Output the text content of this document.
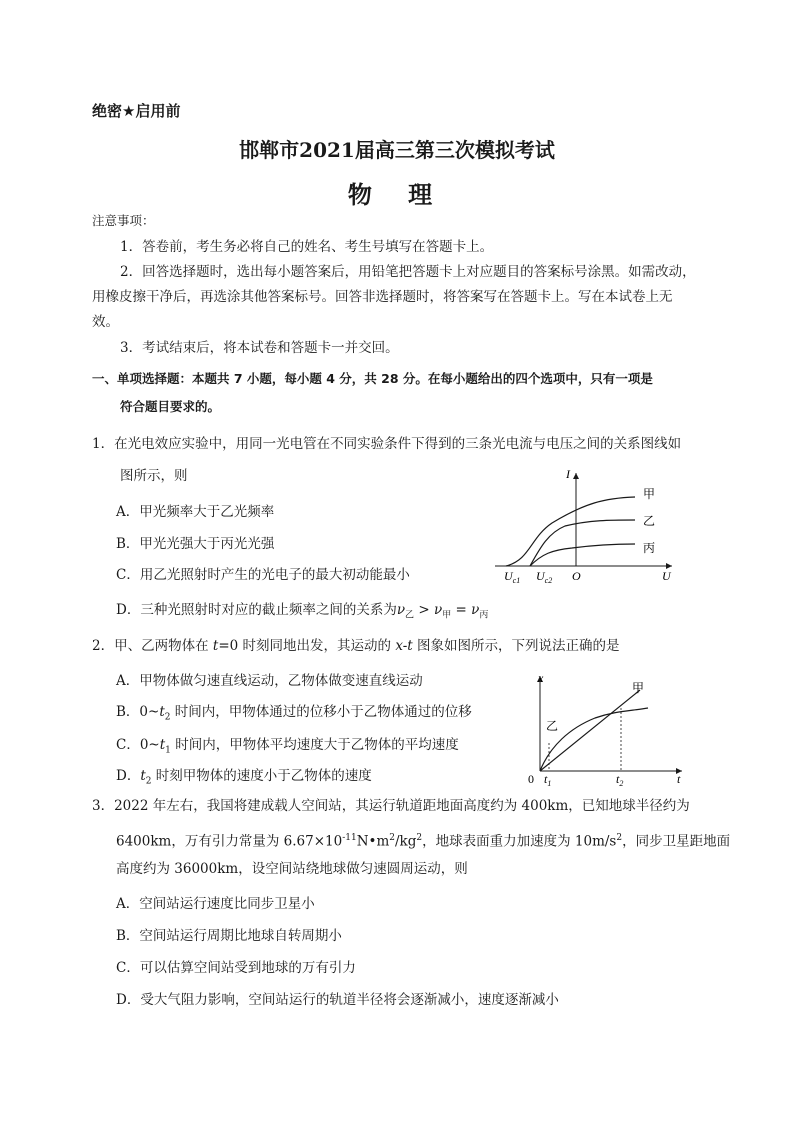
绝密★启用前
邯郸市2021届高三第三次模拟考试
物 理
注意事项：
1．答卷前，考生务必将自己的姓名、考生号填写在答题卡上。
2．回答选择题时，选出每小题答案后，用铅笔把答题卡上对应题目的答案标号涂黑。如需改动，
用橡皮擦干净后，再选涂其他答案标号。回答非选择题时，将答案写在答题卡上。写在本试卷上无
效。
3．考试结束后，将本试卷和答题卡一并交回。
一、单项选择题：本题共 7 小题，每小题 4 分，共 28 分。在每小题给出的四个选项中，只有一项是
符合题目要求的。
1．在光电效应实验中，用同一光电管在不同实验条件下得到的三条光电流与电压之间的关系图线如
图所示，则
A．甲光频率大于乙光频率
B．甲光光强大于丙光光强
C．用乙光照射时产生的光电子的最大初动能最小
D．三种光照射时对应的截止频率之间的关系为$\nu_乙 > \nu_甲 = \nu_丙$
I
U
O
$U_{c1}$ $U_{c2}$
甲
乙
丙
2．甲、乙两物体在 t=0 时刻同地出发，其运动的 x-t 图象如图所示，下列说法正确的是
A．甲物体做匀速直线运动，乙物体做变速直线运动
B．$0\sim t_2$ 时间内，甲物体通过的位移小于乙物体通过的位移
C．$0\sim t_1$ 时间内，甲物体平均速度大于乙物体的平均速度
D．$t_2$ 时刻甲物体的速度小于乙物体的速度
x
t
0 $t_1$	$t_2$
甲
乙
3．2022 年左右，我国将建成载人空间站，其运行轨道距地面高度约为 400km，已知地球半径约为
6400km，万有引力常量为 $6.67\times 10^{-11}N•m^2/kg^2$，地球表面重力加速度为 $10m/s^2$，同步卫星距地面
高度约为 36000km，设空间站绕地球做匀速圆周运动，则
A．空间站运行速度比同步卫星小
B．空间站运行周期比地球自转周期小
C．可以估算空间站受到地球的万有引力
D．受大气阻力影响，空间站运行的轨道半径将会逐渐减小，速度逐渐减小
